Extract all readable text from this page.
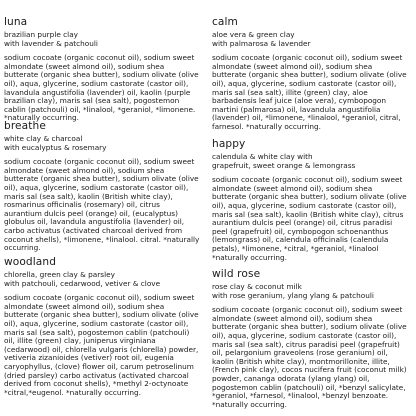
luna
brazilian purple clay
with lavender & patchouli
sodium cocoate (organic coconut oil), sodium sweet almondate (sweet almond oil), sodium shea butterate (organic shea butter), sodium olivate (olive oil), aqua, glycerine, sodium castorate (castor oil), lavandula angustifolia (lavender) oil, kaolin (purple brazilian clay), maris sal (sea salt), pogostemon cablin (patchouli) oil, *linalool, *geraniol, *limonene. *naturally occurring.
breathe
white clay & charcoal
with eucalyptus & rosemary
sodium cocoate (organic coconut oil), sodium sweet almondate (sweet almond oil), sodium shea butterate (organic shea butter), sodium olivate (olive oil), aqua, glycerine, sodium castorate (castor oil), maris sal (sea salt), kaolin (British white clay), rosmarinus officinalis (rosemary) oil, citrus aurantium dulcis peel (orange) oil, (eucalyptus) globulus oil, lavandula angustifolia (lavender) oil, carbo activatus (activated charcoal derived from coconut shells), *limonene, *linalool. citral. *naturally occurring.
woodland
chlorella, green clay & parsley
with patchouli, cedarwood, vetiver & clove
sodium cocoate (organic coconut oil), sodium sweet almondate (sweet almond oil), sodium shea butterate (organic shea butter), sodium olivate (olive oil), aqua, glycerine, sodium castorate (castor oil), maris sal (sea salt), pogostemon cablin (patchouli) oil, illite (green) clay, juniperus virginiana (cedarwood) oil, chlorella vulgaris (chlorella) powder, vetiveria zizanioides (vetiver) root oil, eugenia caryophyllus, (clove) flower oil, carum petroselinum (dried parsley) carbo activatus (activated charcoal derived from coconut shells), *methyl 2-octynoate *citral,*eugenol. *naturally occurring.
calm
aloe vera & green clay
with palmarosa & lavender
sodium cocoate (organic coconut oil), sodium sweet almondate (sweet almond oil), sodium shea butterate (organic shea butter), sodium olivate (olive oil), aqua, glycerine, sodium castorate (castor oil), maris sal (sea salt), illite (green) clay, aloe barbadensis leaf juice (aloe vera), cymbopogon martini (palmarosa) oil, lavandula angustifolia (lavender) oil, *limonene, *linalool, *geraniol, citral, farnesol. *naturally occurring.
happy
calendula & white clay with
grapefruit, sweet orange & lemongrass
sodium cocoate (organic coconut oil), sodium sweet almondate (sweet almond oil), sodium shea butterate (organic shea butter), sodium olivate (olive oil), aqua, glycerine, sodium castorate (castor oil), maris sal (sea salt), kaolin (British white clay), citrus aurantium dulcis peel (orange) oil, citrus paradisi peel (grapefruit) oil, cymbopogon schoenanthus (lemongrass) oil, calendula officinalis (calendula petals), *limonene, *citral, *geraniol, *linalool *naturally occurring.
wild rose
rose clay & coconut milk
with rose geranium, ylang ylang & patchouli
sodium cocoate (organic coconut oil), sodium sweet almondate (sweet almond oil), sodium shea butterate (organic shea butter), sodium olivate (olive oil), aqua, glycerine, sodium castorate (castor oil), maris sal (sea salt), citrus paradisi peel (grapefruit) oil, pelargonium graveolens (rose geranium) oil, kaolin (British white clay), montmorillonite, illite, (French pink clay), cocos nucifera fruit (coconut milk) powder, cananga odorata (ylang ylang) oil, pogostemon cablin (patchouli) oil, *benzyl salicylate, *geraniol, *farnesol, *linalool, *benzyl benzoate. *naturally occurring.
